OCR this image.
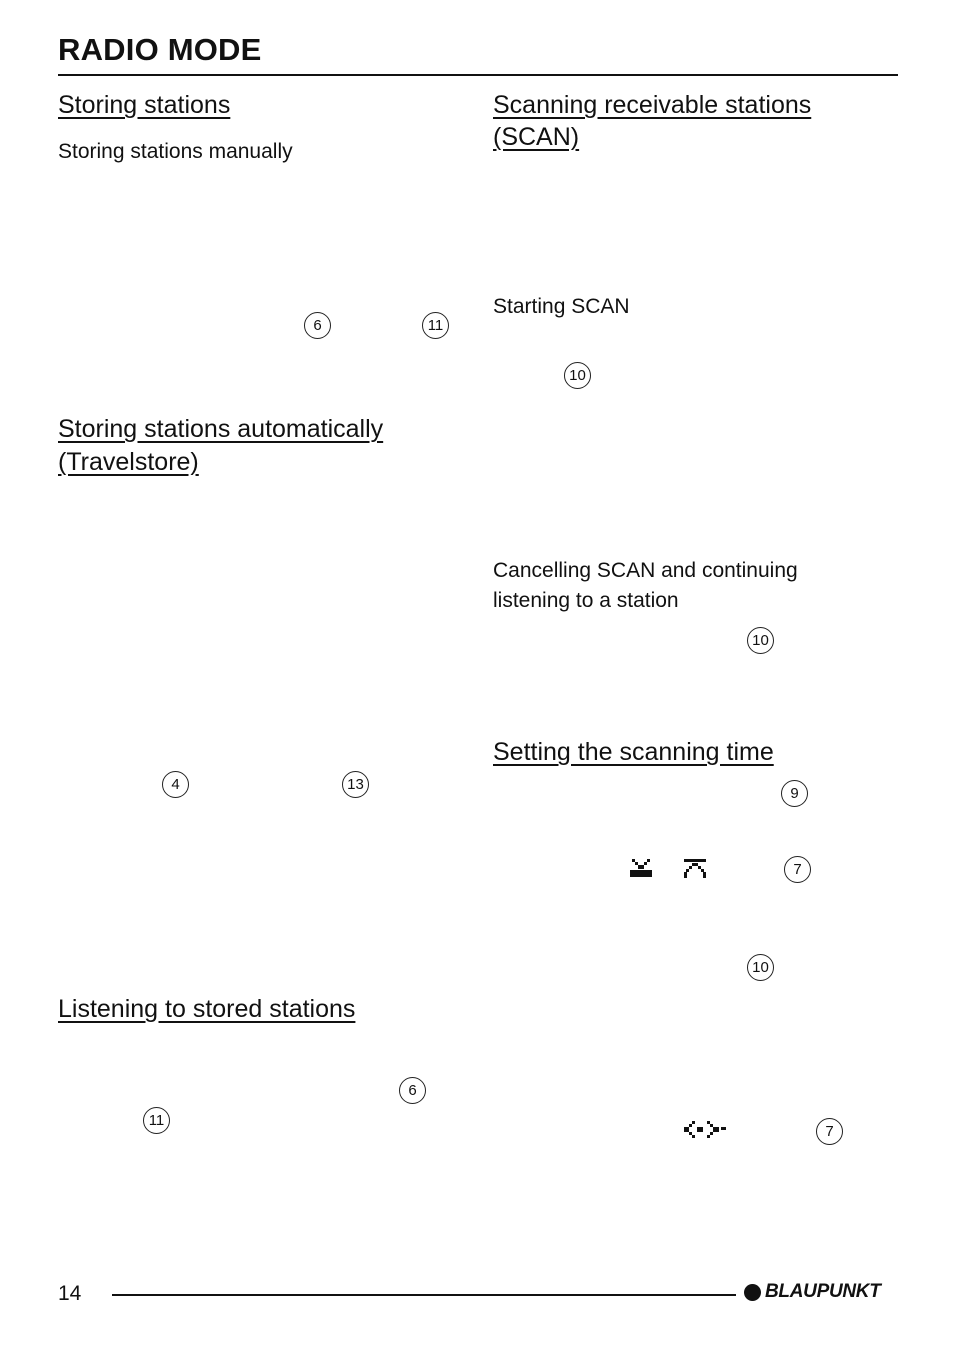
RADIO MODE
Storing stations
Storing stations manually
6	11
Storing stations automatically
(Travelstore)
4	13
Listening to stored stations
6
11
Scanning receivable stations
(SCAN)
Starting SCAN
10
Cancelling SCAN and continuing
listening to a station
10
Setting the scanning time
9
7
10
7
14	BLAUPUNKT
